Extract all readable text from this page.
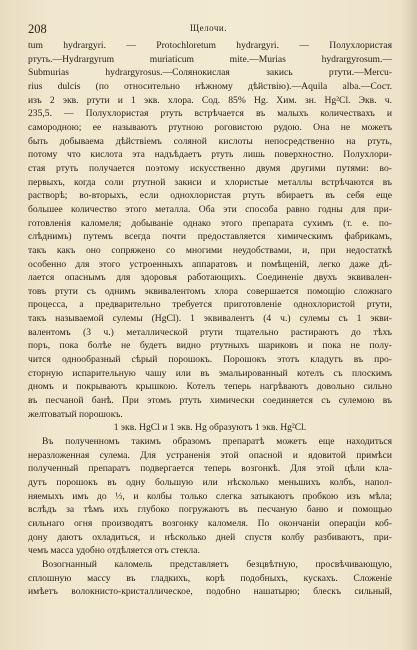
208	Щелочи.
tum hydrargyri. — Protochloretum hydrargyri. — Полухлористая
ртуть.—Hydrargyrum muriaticum mite.—Murias hydrargyrosum.—
Submurias hydrargyrosus.—Солянокислая закись ртути.—Mercu-
rius dulcis (по относительно нѣжному дѣйствію).—Aquila alba.—Сост.
изъ 2 экв. ртути и 1 экв. хлора. Сод. 85% Hg. Хим. зн. Hg²Cl. Экв. ч.
235,5. — Полухлористая ртуть встрѣчается въ малыхъ количествахъ и
самородною; ее называютъ ртутною роговистою рудою. Она не можетъ
быть добываема дѣйствіемъ соляной кислоты непосредственно на ртуть,
потому что кислота эта надъѣдаетъ ртуть лишь поверхностно. Полухлори-
стая ртуть получается поэтому искусственно двумя другими путями: во-
первыхъ, когда соли ртутной закиси и хлористые металлы встрѣчаются въ
растворѣ; во-вторыхъ, если однохлористая ртуть вбираетъ въ себя еще
большее количество этого металла. Оба эти способа равно годны для при-
готовленія каломеля; добываніе однако этого препарата сухимъ (т. е. по-
слѣднимъ) путемъ всегда почти предоставляется химическимъ фабрикамъ,
такъ какъ оно сопряжено со многими неудобствами, и, при недостаткѣ
особенно для этого устроенныхъ аппаратовъ и помѣщеній, легко даже дѣ-
лается опаснымъ для здоровья работающихъ. Соединеніе двухъ эквивален-
товъ ртути съ однимъ эквивалентомъ хлора совершается помощію сложнаго
процесса, а предварительно требуется приготовленіе однохлористой ртути,
такъ называемой сулемы (HgCl). 1 эквивалентъ (4 ч.) сулемы съ 1 экви-
валентомъ (3 ч.) металлической ртути тщательно растираютъ до тѣхъ
поръ, пока болѣе не будетъ видно ртутныхъ шариковъ и пока не полу-
чится однообразный сѣрый порошокъ. Порошокъ этотъ кладутъ въ про-
сторную испарительную чашу или въ эмальированный котелъ съ плоскимъ
дномъ и покрываютъ крышкою. Котелъ теперь нагрѣваютъ довольно сильно
въ песчаной банѣ. При этомъ ртуть химически соединяется съ сулемою въ
желтоватый порошокъ.
1 экв. HgCl и 1 экв. Hg образуютъ 1 экв. Hg²Cl.
Въ полученномъ такимъ образомъ препаратѣ можетъ еще находиться
неразложенная сулема. Для устраненія этой опасной и ядовитой примѣси
полученный препаратъ подвергается теперь возгонкѣ. Для этой цѣли кла-
дутъ порошокъ въ одну большую или нѣсколько меньшихъ колбъ, напол-
няемыхъ имъ до ⅓, и колбы только слегка затыкаютъ пробкою изъ мѣла;
вслѣдъ за тѣмъ ихъ глубоко погружаютъ въ песчаную баню и помощью
сильнаго огня производятъ возгонку каломеля. По окончаніи операціи коб-
дону даютъ охладиться, и нѣсколько дней спустя колбу разбиваютъ, при-
чемъ масса удобно отдѣляется отъ стекла.
Возогнанный каломель представляетъ безцвѣтную, просвѣчивающую,
сплошную массу въ гладкихъ, корѣ подобныхъ, кускахъ. Сложеніе
имѣетъ волокнисто-кристаллическое, подобно нашатырю; блескъ сильный,
